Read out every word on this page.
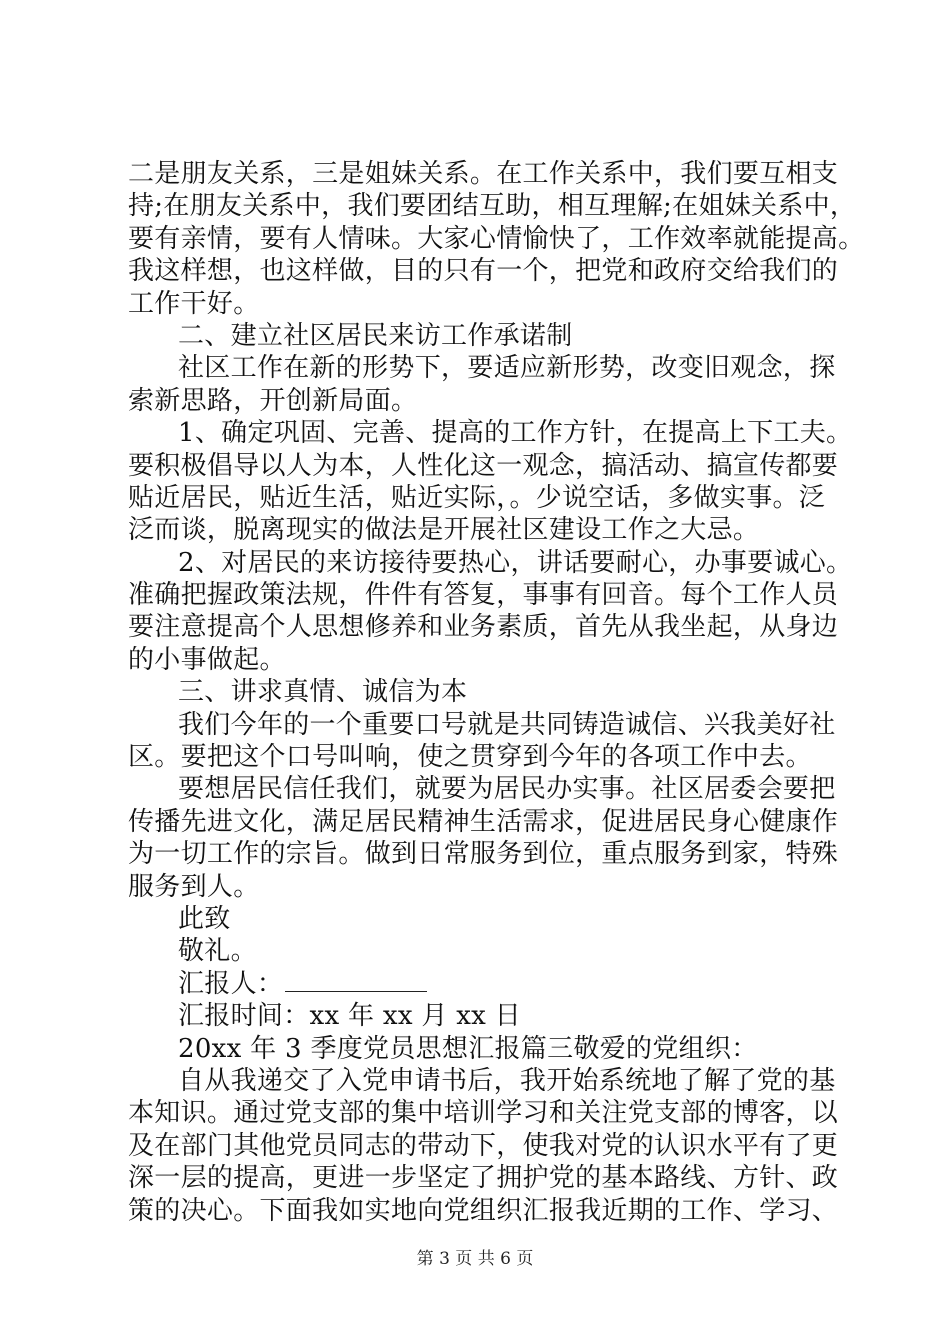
二是朋友关系，三是姐妹关系。在工作关系中，我们要互相支
持;在朋友关系中，我们要团结互助，相互理解;在姐妹关系中，
要有亲情，要有人情味。大家心情愉快了，工作效率就能提高。
我这样想，也这样做，目的只有一个，把党和政府交给我们的
工作干好。
二、建立社区居民来访工作承诺制
社区工作在新的形势下，要适应新形势，改变旧观念，探
索新思路，开创新局面。
1、确定巩固、完善、提高的工作方针，在提高上下工夫。
要积极倡导以人为本，人性化这一观念，搞活动、搞宣传都要
贴近居民，贴近生活，贴近实际，。少说空话，多做实事。泛
泛而谈，脱离现实的做法是开展社区建设工作之大忌。
2、对居民的来访接待要热心，讲话要耐心，办事要诚心。
准确把握政策法规，件件有答复，事事有回音。每个工作人员
要注意提高个人思想修养和业务素质，首先从我坐起，从身边
的小事做起。
三、讲求真情、诚信为本
我们今年的一个重要口号就是共同铸造诚信、兴我美好社
区。要把这个口号叫响，使之贯穿到今年的各项工作中去。
要想居民信任我们，就要为居民办实事。社区居委会要把
传播先进文化，满足居民精神生活需求，促进居民身心健康作
为一切工作的宗旨。做到日常服务到位，重点服务到家，特殊
服务到人。
此致
敬礼。
汇报人：
汇报时间：xx 年 xx 月 xx 日
20xx 年 3 季度党员思想汇报篇三敬爱的党组织：
自从我递交了入党申请书后，我开始系统地了解了党的基
本知识。通过党支部的集中培训学习和关注党支部的博客，以
及在部门其他党员同志的带动下，使我对党的认识水平有了更
深一层的提高，更进一步坚定了拥护党的基本路线、方针、政
策的决心。下面我如实地向党组织汇报我近期的工作、学习、
第 3 页 共 6 页
